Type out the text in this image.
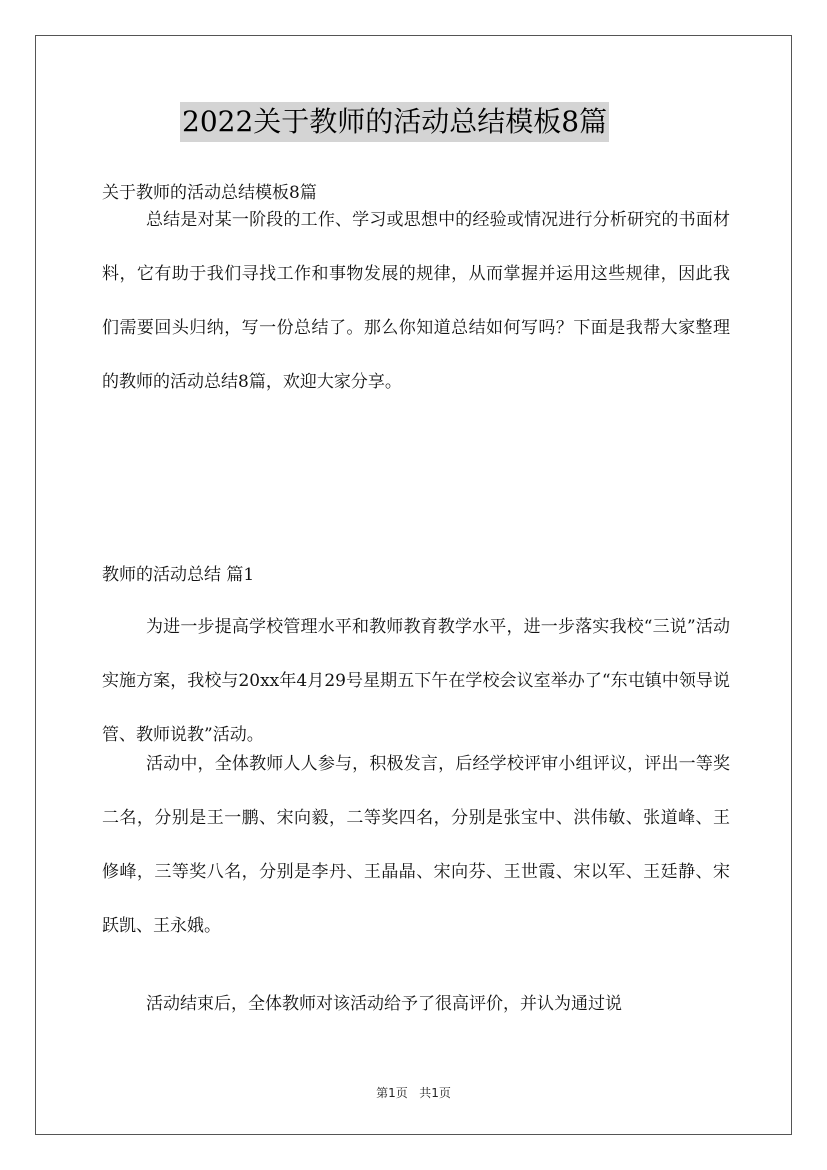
2022关于教师的活动总结模板8篇
关于教师的活动总结模板8篇

总结是对某一阶段的工作、学习或思想中的经验或情况进行分析研究的书面材料，它有助于我们寻找工作和事物发展的规律，从而掌握并运用这些规律，因此我们需要回头归纳，写一份总结了。那么你知道总结如何写吗？下面是我帮大家整理的教师的活动总结8篇，欢迎大家分享。

教师的活动总结 篇1

为进一步提高学校管理水平和教师教育教学水平，进一步落实我校“三说”活动实施方案，我校与20xx年4月29号星期五下午在学校会议室举办了“东屯镇中领导说管、教师说教”活动。

活动中，全体教师人人参与，积极发言，后经学校评审小组评议，评出一等奖二名，分别是王一鹏、宋向毅，二等奖四名，分别是张宝中、洪伟敏、张道峰、王修峰，三等奖八名，分别是李丹、王晶晶、宋向芬、王世霞、宋以军、王廷静、宋跃凯、王永娥。

活动结束后，全体教师对该活动给予了很高评价，并认为通过说

第1页 共1页
